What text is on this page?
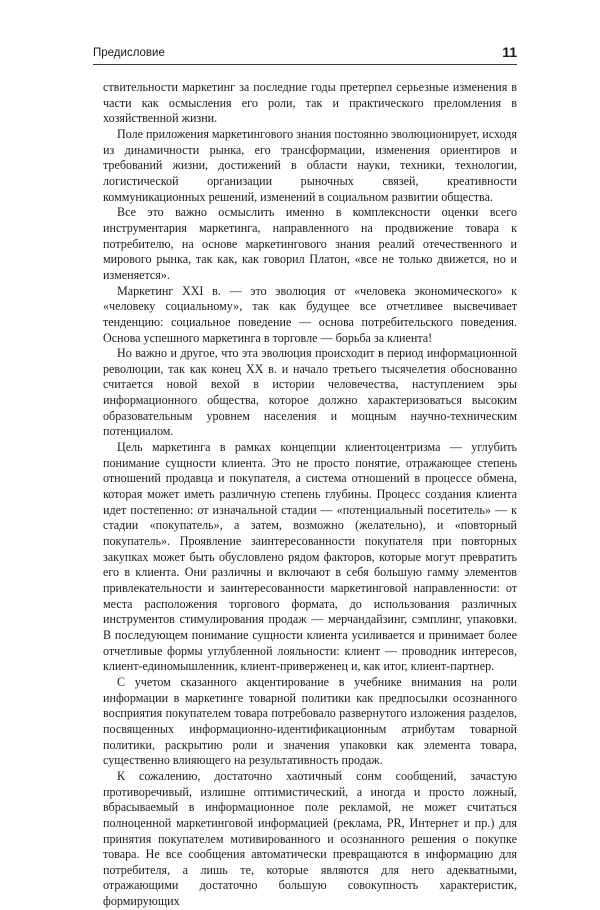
Предисловие	11

ствительности маркетинг за последние годы претерпел серьезные изменения в части как осмысления его роли, так и практического преломления в хозяйственной жизни.

Поле приложения маркетингового знания постоянно эволюционирует, исходя из динамичности рынка, его трансформации, изменения ориентиров и требований жизни, достижений в области науки, техники, технологии, логистической организации рыночных связей, креативности коммуникационных решений, изменений в социальном развитии общества.

Все это важно осмыслить именно в комплексности оценки всего инструментария маркетинга, направленного на продвижение товара к потребителю, на основе маркетингового знания реалий отечественного и мирового рынка, так как, как говорил Платон, «все не только движется, но и изменяется».

Маркетинг XXI в. — это эволюция от «человека экономического» к «человеку социальному», так как будущее все отчетливее высвечивает тенденцию: социальное поведение — основа потребительского поведения. Основа успешного маркетинга в торговле — борьба за клиента!

Но важно и другое, что эта эволюция происходит в период информационной революции, так как конец XX в. и начало третьего тысячелетия обоснованно считается новой вехой в истории человечества, наступлением эры информационного общества, которое должно характеризоваться высоким образовательным уровнем населения и мощным научно-техническим потенциалом.

Цель маркетинга в рамках концепции клиентоцентризма — углубить понимание сущности клиента. Это не просто понятие, отражающее степень отношений продавца и покупателя, а система отношений в процессе обмена, которая может иметь различную степень глубины. Процесс создания клиента идет постепенно: от изначальной стадии — «потенциальный посетитель» — к стадии «покупатель», а затем, возможно (желательно), и «повторный покупатель». Проявление заинтересованности покупателя при повторных закупках может быть обусловлено рядом факторов, которые могут превратить его в клиента. Они различны и включают в себя большую гамму элементов привлекательности и заинтересованности маркетинговой направленности: от места расположения торгового формата, до использования различных инструментов стимулирования продаж — мерчандайзинг, сэмплинг, упаковки. В последующем понимание сущности клиента усиливается и принимает более отчетливые формы углубленной лояльности: клиент — проводник интересов, клиент-единомышленник, клиент-приверженец и, как итог, клиент-партнер.

С учетом сказанного акцентирование в учебнике внимания на роли информации в маркетинге товарной политики как предпосылки осознанного восприятия покупателем товара потребовало развернутого изложения разделов, посвященных информационно-идентификационным атрибутам товарной политики, раскрытию роли и значения упаковки как элемента товара, существенно влияющего на результативность продаж.

К сожалению, достаточно хаотичный сонм сообщений, зачастую противоречивый, излишне оптимистический, а иногда и просто ложный, вбрасываемый в информационное поле рекламой, не может считаться полноценной маркетинговой информацией (реклама, PR, Интернет и пр.) для принятия покупателем мотивированного и осознанного решения о покупке товара. Не все сообщения автоматически превращаются в информацию для потребителя, а лишь те, которые являются для него адекватными, отражающими достаточно большую совокупность характеристик, формирующих
